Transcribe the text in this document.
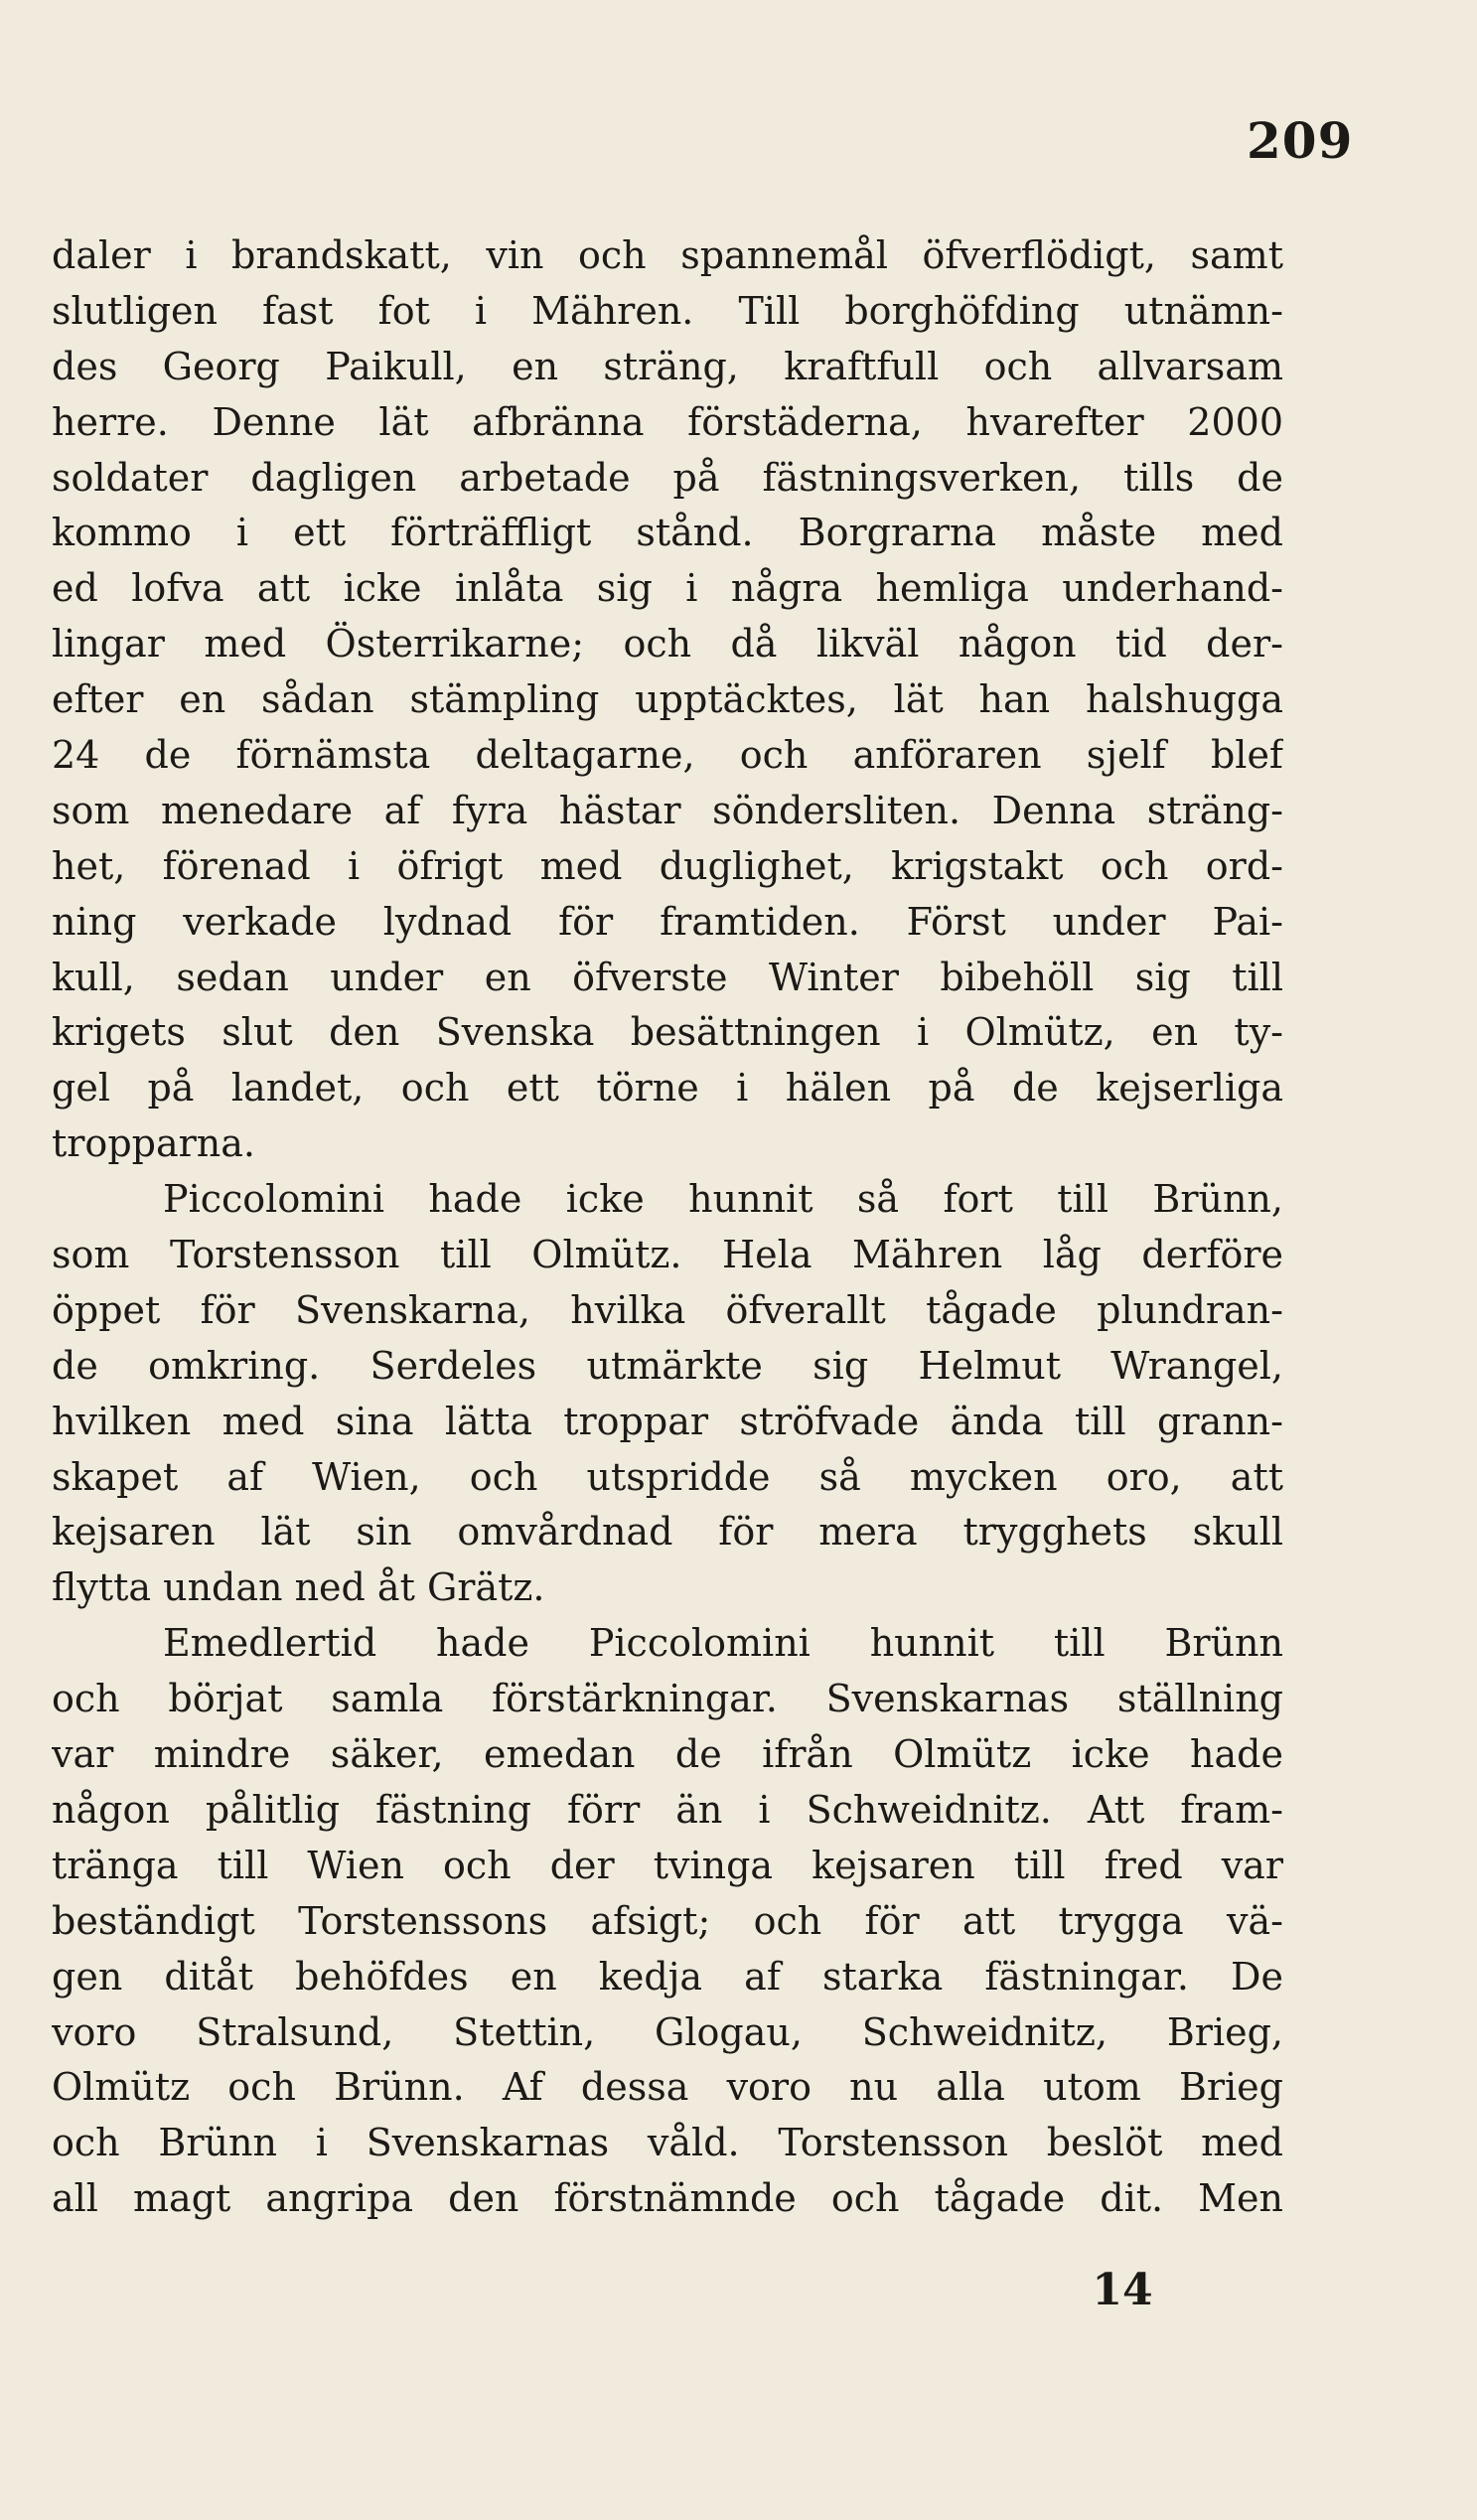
209
daler i brandskatt, vin och spannemål öfverflödigt, samt
slutligen fast fot i Mähren. Till borghöfding utnämn-
des Georg Paikull, en sträng, kraftfull och allvarsam
herre. Denne lät afbränna förstäderna, hvarefter 2000
soldater dagligen arbetade på fästningsverken, tills de
kommo i ett förträffligt stånd. Borgrarna måste med
ed lofva att icke inlåta sig i några hemliga underhand-
lingar med Österrikarne; och då likväl någon tid der-
efter en sådan stämpling upptäcktes, lät han halshugga
24 de förnämsta deltagarne, och anföraren sjelf blef
som menedare af fyra hästar söndersliten. Denna sträng-
het, förenad i öfrigt med duglighet, krigstakt och ord-
ning verkade lydnad för framtiden. Först under Pai-
kull, sedan under en öfverste Winter bibehöll sig till
krigets slut den Svenska besättningen i Olmütz, en ty-
gel på landet, och ett törne i hälen på de kejserliga
tropparna.
Piccolomini hade icke hunnit så fort till Brünn,
som Torstensson till Olmütz. Hela Mähren låg derföre
öppet för Svenskarna, hvilka öfverallt tågade plundran-
de omkring. Serdeles utmärkte sig Helmut Wrangel,
hvilken med sina lätta troppar ströfvade ända till grann-
skapet af Wien, och utspridde så mycken oro, att
kejsaren lät sin omvårdnad för mera trygghets skull
flytta undan ned åt Grätz.
Emedlertid hade Piccolomini hunnit till Brünn
och börjat samla förstärkningar. Svenskarnas ställning
var mindre säker, emedan de ifrån Olmütz icke hade
någon pålitlig fästning förr än i Schweidnitz. Att fram-
tränga till Wien och der tvinga kejsaren till fred var
beständigt Torstenssons afsigt; och för att trygga vä-
gen ditåt behöfdes en kedja af starka fästningar. De
voro Stralsund, Stettin, Glogau, Schweidnitz, Brieg,
Olmütz och Brünn. Af dessa voro nu alla utom Brieg
och Brünn i Svenskarnas våld. Torstensson beslöt med
all magt angripa den förstnämnde och tågade dit. Men
14
